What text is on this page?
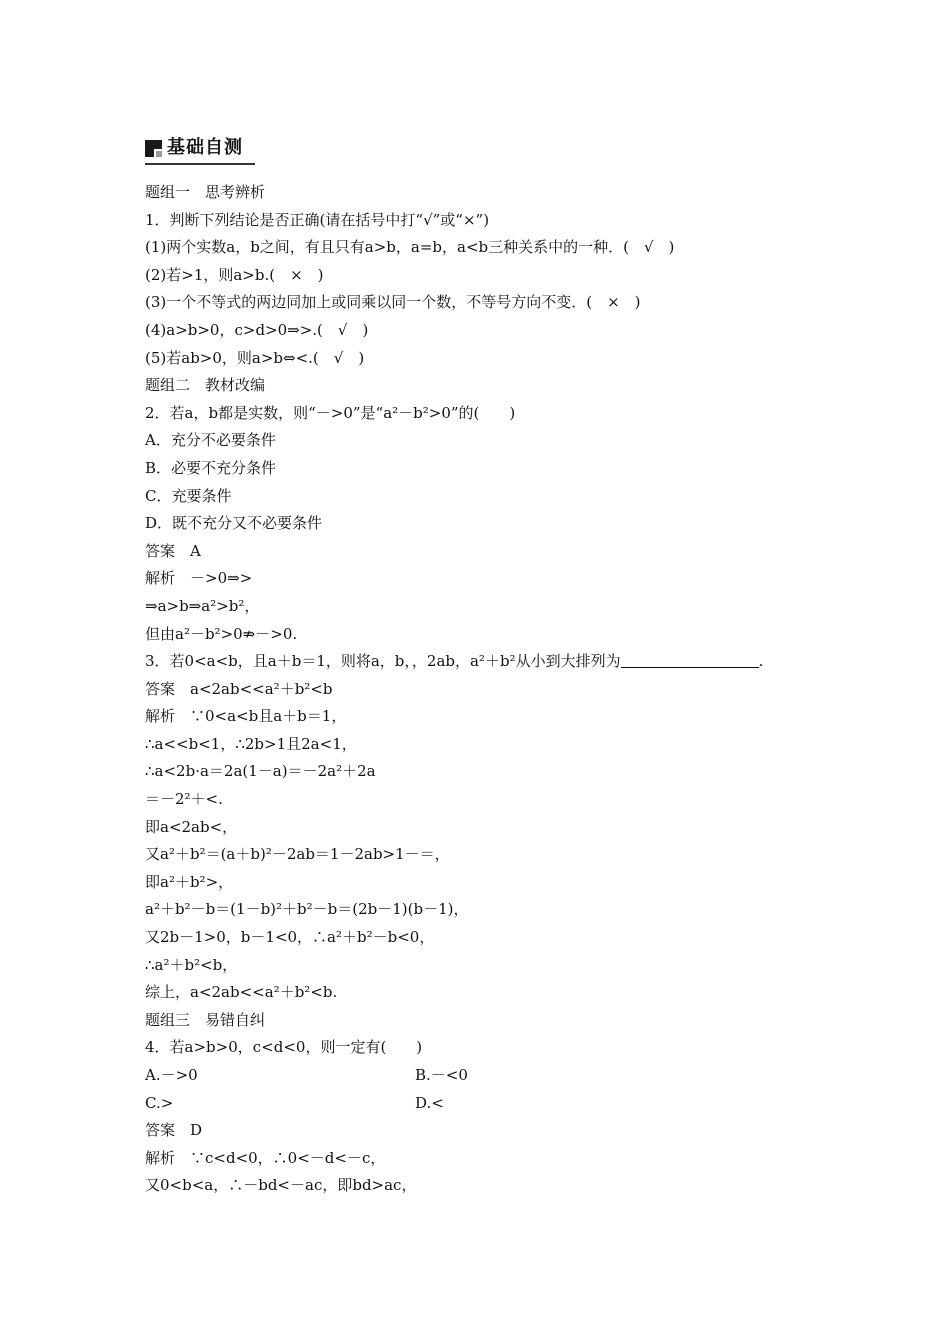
基础自测
题组一　思考辨析
1．判断下列结论是否正确(请在括号中打“√”或“×”)
(1)两个实数a，b之间，有且只有a>b，a=b，a<b三种关系中的一种．(　√　)
(2)若>1，则a>b.(　×　)
(3)一个不等式的两边同加上或同乘以同一个数，不等号方向不变．(　×　)
(4)a>b>0，c>d>0⇒>.(　√　)
(5)若ab>0，则a>b⇔<.(　√　)
题组二　教材改编
2．若a，b都是实数，则“－>0”是“a²－b²>0”的(　　)
A．充分不必要条件
B．必要不充分条件
C．充要条件
D．既不充分又不必要条件
答案　A
解析　－>0⇒>
⇒a>b⇒a²>b²，
但由a²－b²>0⇏－>0.
3．若0<a<b，且a＋b＝1，则将a，b，，2ab，a²＋b²从小到大排列为	.
答案　a<2ab<<a²＋b²<b
解析　∵0<a<b且a＋b＝1，
∴a<<b<1，∴2b>1且2a<1，
∴a<2b·a＝2a(1－a)＝－2a²＋2a
＝－2²＋<.
即a<2ab<，
又a²＋b²＝(a＋b)²－2ab＝1－2ab>1－＝，
即a²＋b²>，
a²＋b²－b＝(1－b)²＋b²－b＝(2b－1)(b－1)，
又2b－1>0，b－1<0，∴a²＋b²－b<0，
∴a²＋b²<b，
综上，a<2ab<<a²＋b²<b.
题组三　易错自纠
4．若a>b>0，c<d<0，则一定有(　　)
A.－>0	B.－<0
C.>	D.<
答案　D
解析　∵c<d<0，∴0<－d<－c，
又0<b<a，∴－bd<－ac，即bd>ac，
